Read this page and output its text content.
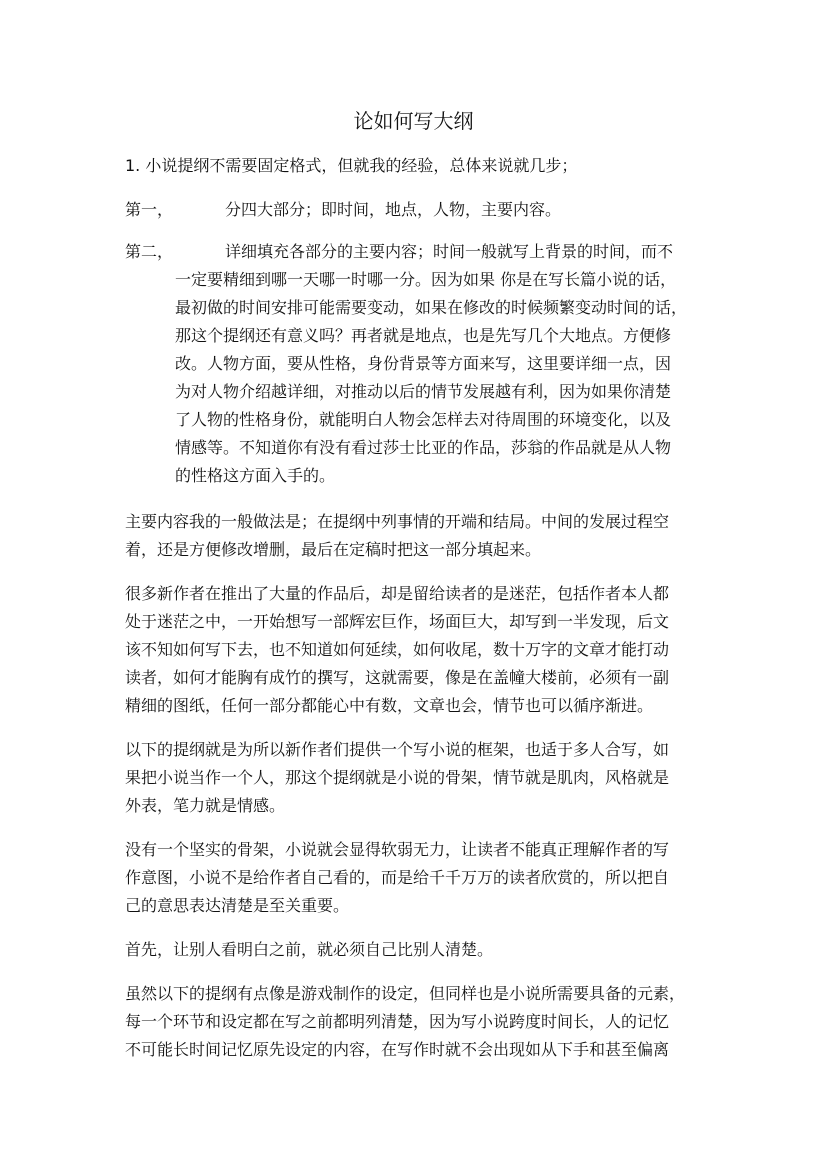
论如何写大纲

1. 小说提纲不需要固定格式，但就我的经验，总体来说就几步；

第一，	分四大部分；即时间，地点，人物，主要内容。

第二，	详细填充各部分的主要内容；时间一般就写上背景的时间，而不

一定要精细到哪一天哪一时哪一分。因为如果 你是在写长篇小说的话，

最初做的时间安排可能需要变动，如果在修改的时候频繁变动时间的话，

那这个提纲还有意义吗？再者就是地点，也是先写几个大地点。方便修

改。人物方面，要从性格，身份背景等方面来写，这里要详细一点，因

为对人物介绍越详细，对推动以后的情节发展越有利，因为如果你清楚

了人物的性格身份，就能明白人物会怎样去对待周围的环境变化，以及

情感等。不知道你有没有看过莎士比亚的作品，莎翁的作品就是从人物

的性格这方面入手的。

主要内容我的一般做法是；在提纲中列事情的开端和结局。中间的发展过程空

着，还是方便修改增删，最后在定稿时把这一部分填起来。

很多新作者在推出了大量的作品后，却是留给读者的是迷茫，包括作者本人都

处于迷茫之中，一开始想写一部辉宏巨作，场面巨大，却写到一半发现，后文

该不知如何写下去，也不知道如何延续，如何收尾，数十万字的文章才能打动

读者，如何才能胸有成竹的撰写，这就需要，像是在盖幢大楼前，必须有一副

精细的图纸，任何一部分都能心中有数，文章也会，情节也可以循序渐进。

以下的提纲就是为所以新作者们提供一个写小说的框架，也适于多人合写，如

果把小说当作一个人，那这个提纲就是小说的骨架，情节就是肌肉，风格就是

外表，笔力就是情感。

没有一个坚实的骨架，小说就会显得软弱无力，让读者不能真正理解作者的写

作意图，小说不是给作者自己看的，而是给千千万万的读者欣赏的，所以把自

己的意思表达清楚是至关重要。

首先，让别人看明白之前，就必须自己比别人清楚。

虽然以下的提纲有点像是游戏制作的设定，但同样也是小说所需要具备的元素，

每一个环节和设定都在写之前都明列清楚，因为写小说跨度时间长，人的记忆

不可能长时间记忆原先设定的内容，在写作时就不会出现如从下手和甚至偏离
